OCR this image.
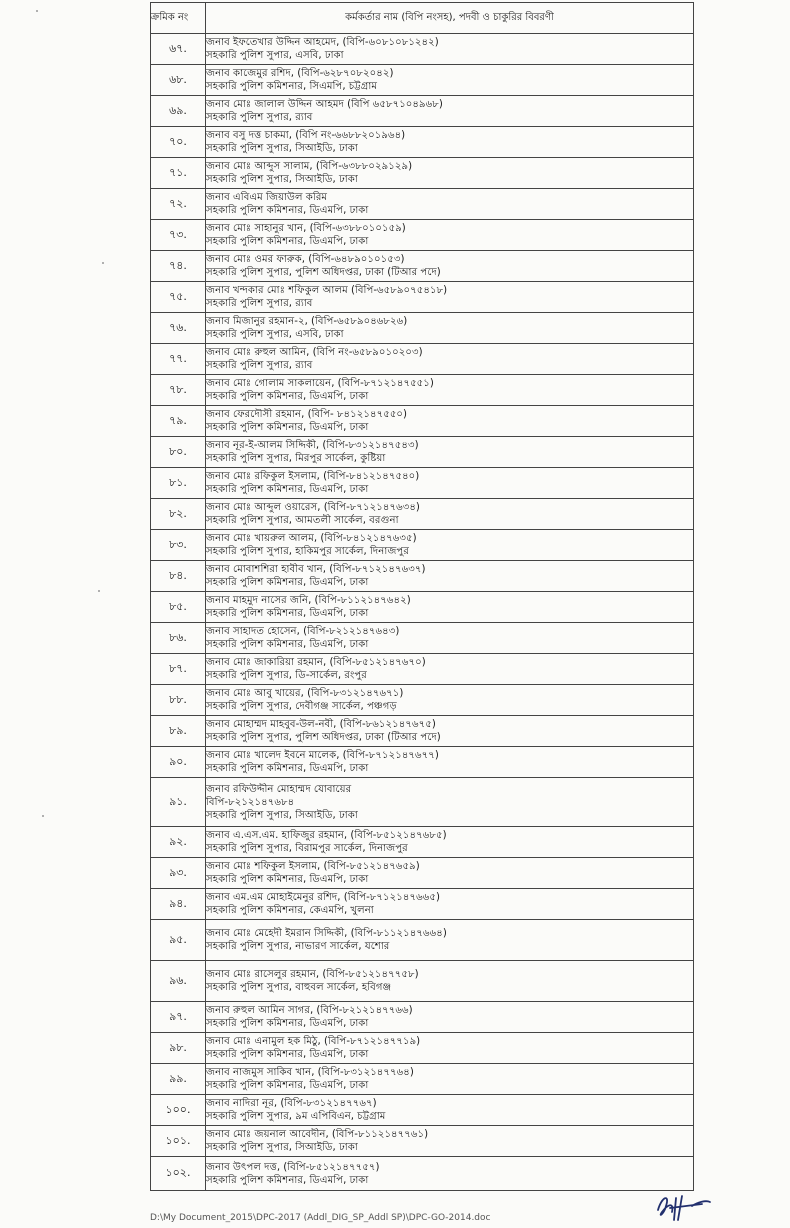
ক্রমিক নং	কর্মকর্তার নাম (বিপি নংসহ), পদবী ও চাকুরির বিবরণী
৬৭.	জনাব ইফতেখার উদ্দিন আহমেদ, (বিপি-৬০৮১০৮১২৪২)
সহকারি পুলিশ সুপার, এসবি, ঢাকা

৬৮.	জনাব কাজেমুর রশিদ, (বিপি-৬২৮৭০৮২০৪২)
সহকারি পুলিশ কমিশনার, সিএমপি, চট্টগ্রাম

৬৯.	জনাব মোঃ জালাল উদ্দিন আহমদ (বিপি ৬৫৮৭১০৪৯৬৮)
সহকারি পুলিশ সুপার, র‍্যাব

৭০.	জনাব বসু দত্ত চাকমা, (বিপি নং-৬৬৮৮২০১৯৬৪)
সহকারি পুলিশ সুপার, সিআইডি, ঢাকা

৭১.	জনাব মোঃ আব্দুস সালাম, (বিপি-৬৩৮৮০২৯১২৯)
সহকারি পুলিশ সুপার, সিআইডি, ঢাকা

৭২.	জনাব এবিএম জিয়াউল করিম
সহকারি পুলিশ কমিশনার, ডিএমপি, ঢাকা

৭৩.	জনাব মোঃ সাহানুর খান, (বিপি-৬৩৮৮০১০১৫৯)
সহকারি পুলিশ কমিশনার, ডিএমপি, ঢাকা

৭৪.	জনাব মোঃ ওমর ফারুক, (বিপি-৬৪৮৯০১০১৫৩)
সহকারি পুলিশ সুপার, পুলিশ অধিদপ্তর, ঢাকা (টিআর পদে)

৭৫.	জনাব খন্দকার মোঃ শফিকুল আলম (বিপি-৬৫৮৯০৭৫৪১৮)
সহকারি পুলিশ সুপার, র‍্যাব

৭৬.	জনাব মিজানুর রহমান-২, (বিপি-৬৫৮৯০৪৬৮২৬)
সহকারি পুলিশ সুপার, এসবি, ঢাকা

৭৭.	জনাব মোঃ রুহুল আমিন, (বিপি নং-৬৫৮৯০১০২০৩)
সহকারি পুলিশ সুপার, র‍্যাব

৭৮.	জনাব মোঃ গোলাম সাকলায়েন, (বিপি-৮৭১২১৪৭৫৫১)
সহকারি পুলিশ কমিশনার, ডিএমপি, ঢাকা

৭৯.	জনাব ফেরদৌসী রহমান, (বিপি- ৮৪১২১৪৭৫৫০)
সহকারি পুলিশ কমিশনার, ডিএমপি, ঢাকা

৮০.	জনাব নূর-ই-আলম সিদ্দিকী, (বিপি-৮৩১২১৪৭৫৪৩)
সহকারি পুলিশ সুপার, মিরপুর সার্কেল, কুষ্টিয়া

৮১.	জনাব মোঃ রফিকুল ইসলাম, (বিপি-৮৪১২১৪৭৫৪০)
সহকারি পুলিশ কমিশনার, ডিএমপি, ঢাকা

৮২.	জনাব মোঃ আব্দুল ওয়ারেস, (বিপি-৮৭১২১৪৭৬৩৪)
সহকারি পুলিশ সুপার, আমতলী সার্কেল, বরগুনা

৮৩.	জনাব মোঃ খায়রুল আলম, (বিপি-৮৪১২১৪৭৬৩৫)
সহকারি পুলিশ সুপার, হাকিমপুর সার্কেল, দিনাজপুর

৮৪.	জনাব মোবাশশিরা হাবীব খান, (বিপি-৮৭১২১৪৭৬৩৭)
সহকারি পুলিশ কমিশনার, ডিএমপি, ঢাকা

৮৫.	জনাব মাহমুদ নাসের জনি, (বিপি-৮১১২১৪৭৬৪২)
সহকারি পুলিশ কমিশনার, ডিএমপি, ঢাকা

৮৬.	জনাব সাহাদত হোসেন, (বিপি-৮২১২১৪৭৬৪৩)
সহকারি পুলিশ কমিশনার, ডিএমপি, ঢাকা

৮৭.	জনাব মোঃ জাকারিয়া রহমান, (বিপি-৮৫১২১৪৭৬৭০)
সহকারি পুলিশ সুপার, ডি-সার্কেল, রংপুর

৮৮.	জনাব মোঃ আবু খায়ের, (বিপি-৮৩১২১৪৭৬৭১)
সহকারি পুলিশ সুপার, দেবীগঞ্জ সার্কেল, পঞ্চগড়

৮৯.	জনাব মোহাম্মদ মাহবুব-উল-নবী, (বিপি-৮৬১২১৪৭৬৭৫)
সহকারি পুলিশ সুপার, পুলিশ অধিদপ্তর, ঢাকা (টিআর পদে)

৯০.	জনাব মোঃ খালেদ ইবনে মালেক, (বিপি-৮৭১২১৪৭৬৭৭)
সহকারি পুলিশ কমিশনার, ডিএমপি, ঢাকা

৯১.	জনাব রফিউদ্দীন মোহাম্মদ যোবায়ের
বিপি-৮২১২১৪৭৬৮৪
সহকারি পুলিশ সুপার, সিআইডি, ঢাকা

৯২.	জনাব এ.এস.এম. হাফিজুর রহমান, (বিপি-৮৫১২১৪৭৬৮৫)
সহকারি পুলিশ সুপার, বিরামপুর সার্কেল, দিনাজপুর

৯৩.	জনাব মোঃ শফিকুল ইসলাম, (বিপি-৮৫১২১৪৭৬৫৯)
সহকারি পুলিশ কমিশনার, ডিএমপি, ঢাকা

৯৪.	জনাব এম.এম মোহাইমেনুর রশিদ, (বিপি-৮৭১২১৪৭৬৬৫)
সহকারি পুলিশ কমিশনার, কেএমপি, খুলনা

৯৫.	জনাব মোঃ মেহেদী ইমরান সিদ্দিকী, (বিপি-৮১১২১৪৭৬৬৪)
সহকারি পুলিশ সুপার, নাভারণ সার্কেল, যশোর

৯৬.	জনাব মোঃ রাসেলুর রহমান, (বিপি-৮৫১২১৪৭৭৫৮)
সহকারি পুলিশ সুপার, বাহুবল সার্কেল, হবিগঞ্জ

৯৭.	জনাব রুহুল আমিন সাগর, (বিপি-৮২১২১৪৭৭৬৬)
সহকারি পুলিশ কমিশনার, ডিএমপি, ঢাকা

৯৮.	জনাব মোঃ এনামুল হক মিঠু, (বিপি-৮৭১২১৪৭৭১৯)
সহকারি পুলিশ কমিশনার, ডিএমপি, ঢাকা

৯৯.	জনাব নাজমুস সাকিব খান, (বিপি-৮৩১২১৪৭৭৬৪)
সহকারি পুলিশ কমিশনার, ডিএমপি, ঢাকা

১০০.	জনাব নাদিরা নূর, (বিপি-৮৩১২১৪৭৭৬৭)
সহকারি পুলিশ সুপার, ৯ম এপিবিএন, চট্টগ্রাম

১০১.	জনাব মোঃ জয়নাল আবেদীন, (বিপি-৮১১২১৪৭৭৬১)
সহকারি পুলিশ সুপার, সিআইডি, ঢাকা

১০২.	জনাব উৎপল দত্ত, (বিপি-৮৫১২১৪৭৭৫৭)
সহকারি পুলিশ কমিশনার, ডিএমপি, ঢাকা
D:\My Document_2015\DPC-2017 (Addl_DIG_SP_Addl SP)\DPC-GO-2014.doc
